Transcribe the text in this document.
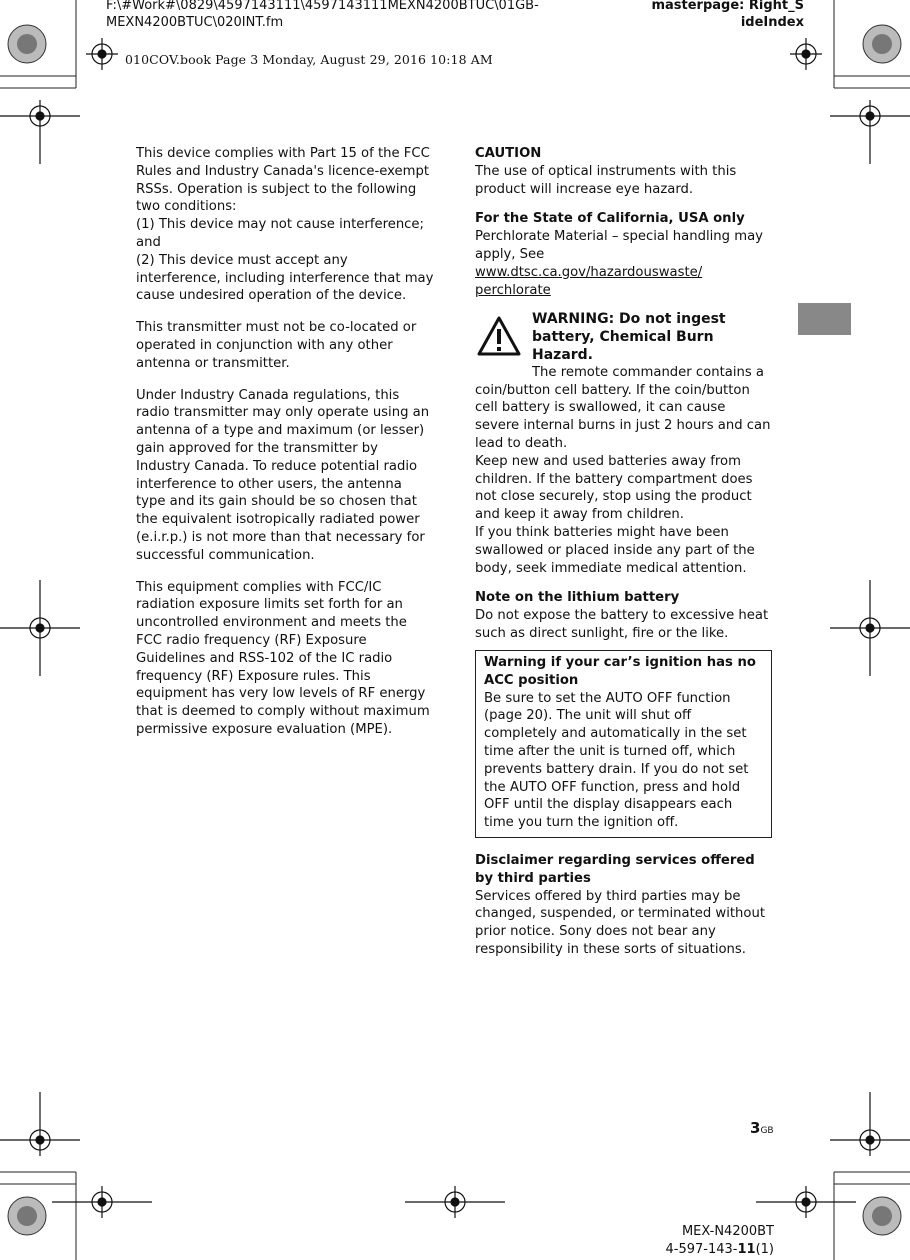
F:\#Work#\0829\4597143111\4597143111MEXN4200BTUC\01GB-
MEXN4200BTUC\020INT.fm
masterpage: Right_S
ideIndex
010COV.book Page 3 Monday, August 29, 2016 10:18 AM

This device complies with Part 15 of the FCC Rules and Industry Canada's licence-exempt RSSs. Operation is subject to the following two conditions:
(1) This device may not cause interference; and
(2) This device must accept any interference, including interference that may cause undesired operation of the device.

This transmitter must not be co-located or operated in conjunction with any other antenna or transmitter.

Under Industry Canada regulations, this radio transmitter may only operate using an antenna of a type and maximum (or lesser) gain approved for the transmitter by Industry Canada. To reduce potential radio interference to other users, the antenna type and its gain should be so chosen that the equivalent isotropically radiated power (e.i.r.p.) is not more than that necessary for successful communication.

This equipment complies with FCC/IC radiation exposure limits set forth for an uncontrolled environment and meets the FCC radio frequency (RF) Exposure Guidelines and RSS-102 of the IC radio frequency (RF) Exposure rules. This equipment has very low levels of RF energy that is deemed to comply without maximum permissive exposure evaluation (MPE).

CAUTION
The use of optical instruments with this product will increase eye hazard.
For the State of California, USA only
Perchlorate Material – special handling may apply, See
www.dtsc.ca.gov/hazardouswaste/
perchlorate
WARNING: Do not ingest battery, Chemical Burn Hazard.
The remote commander contains a coin/button cell battery. If the coin/button cell battery is swallowed, it can cause severe internal burns in just 2 hours and can lead to death.
Keep new and used batteries away from children. If the battery compartment does not close securely, stop using the product and keep it away from children.
If you think batteries might have been swallowed or placed inside any part of the body, seek immediate medical attention.
Note on the lithium battery
Do not expose the battery to excessive heat such as direct sunlight, fire or the like.
Warning if your car’s ignition has no ACC position
Be sure to set the AUTO OFF function (page 20). The unit will shut off completely and automatically in the set time after the unit is turned off, which prevents battery drain. If you do not set the AUTO OFF function, press and hold OFF until the display disappears each time you turn the ignition off.
Disclaimer regarding services offered by third parties
Services offered by third parties may be changed, suspended, or terminated without prior notice. Sony does not bear any responsibility in these sorts of situations.
3GB
MEX-N4200BT
4-597-143-11(1)
